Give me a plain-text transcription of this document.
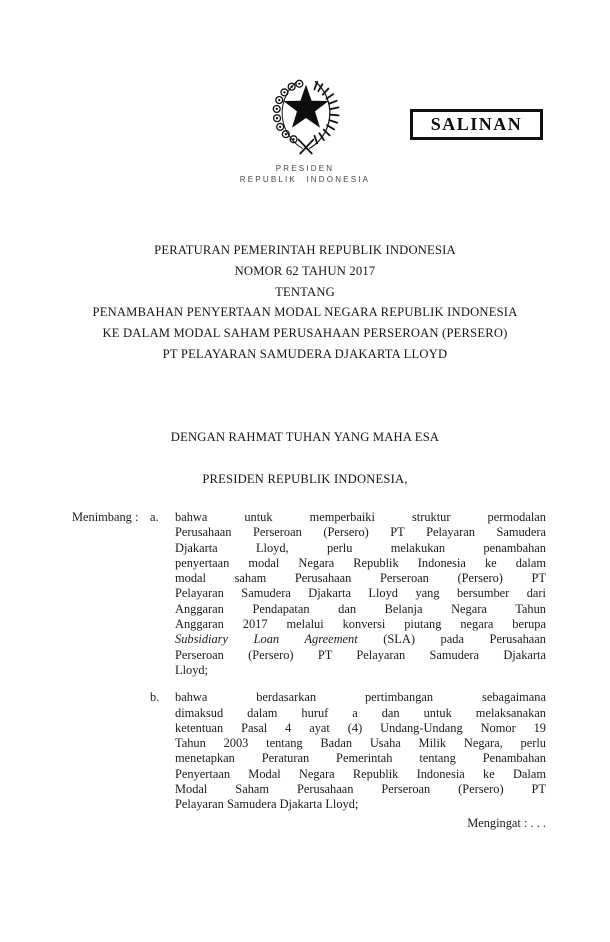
SALINAN
PRESIDEN
REPUBLIK INDONESIA
PERATURAN PEMERINTAH REPUBLIK INDONESIA
NOMOR 62 TAHUN 2017
TENTANG
PENAMBAHAN PENYERTAAN MODAL NEGARA REPUBLIK INDONESIA
KE DALAM MODAL SAHAM PERUSAHAAN PERSEROAN (PERSERO)
PT PELAYARAN SAMUDERA DJAKARTA LLOYD
DENGAN RAHMAT TUHAN YANG MAHA ESA
PRESIDEN REPUBLIK INDONESIA,
Menimbang : a.	bahwa untuk memperbaiki struktur permodalan
Perusahaan Perseroan (Persero) PT Pelayaran Samudera
Djakarta Lloyd, perlu melakukan penambahan
penyertaan modal Negara Republik Indonesia ke dalam
modal saham Perusahaan Perseroan (Persero) PT
Pelayaran Samudera Djakarta Lloyd yang bersumber dari
Anggaran Pendapatan dan Belanja Negara Tahun
Anggaran 2017 melalui konversi piutang negara berupa
Subsidiary Loan Agreement (SLA) pada Perusahaan
Perseroan (Persero) PT Pelayaran Samudera Djakarta
Lloyd;
b.	bahwa berdasarkan pertimbangan sebagaimana
dimaksud dalam huruf a dan untuk melaksanakan
ketentuan Pasal 4 ayat (4) Undang-Undang Nomor 19
Tahun 2003 tentang Badan Usaha Milik Negara, perlu
menetapkan Peraturan Pemerintah tentang Penambahan
Penyertaan Modal Negara Republik Indonesia ke Dalam
Modal Saham Perusahaan Perseroan (Persero) PT
Pelayaran Samudera Djakarta Lloyd;
Mengingat : . . .
